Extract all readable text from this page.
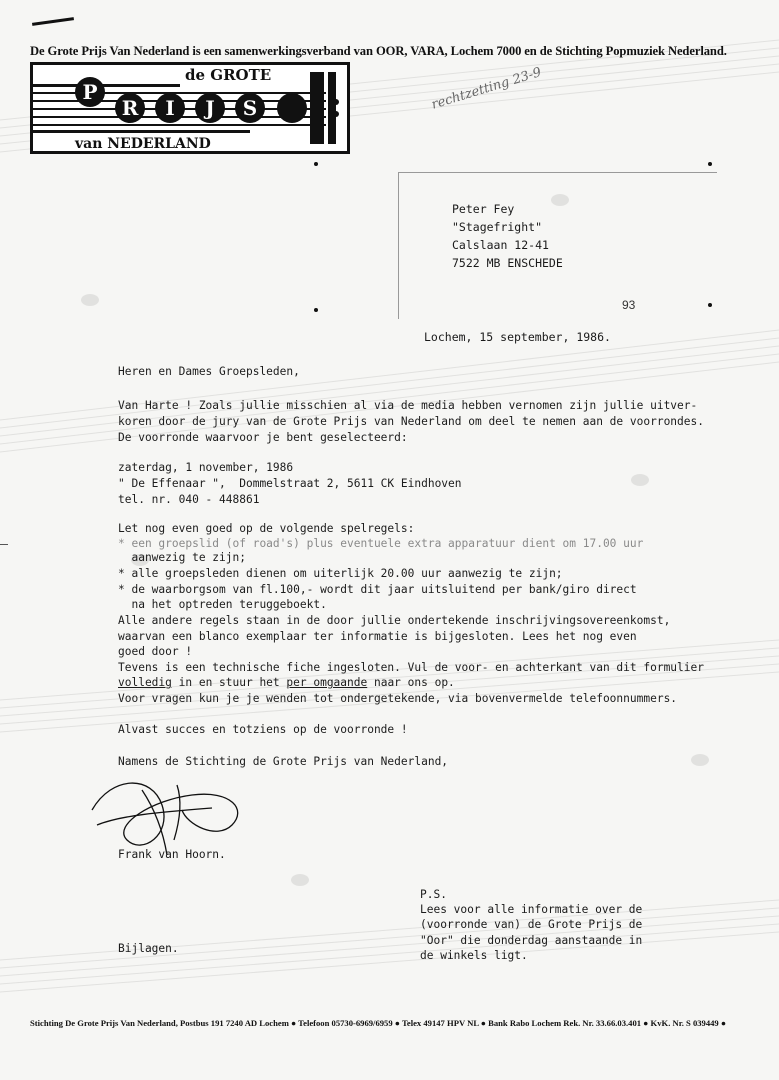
De Grote Prijs Van Nederland is een samenwerkingsverband van OOR, VARA, Lochem 7000 en de Stichting Popmuziek Nederland.
P
R I J S
de GROTE
van NEDERLAND
rechtzetting 23-9
Peter Fey
"Stagefright"
Calslaan 12-41
7522 MB ENSCHEDE
93
Lochem, 15 september, 1986.
Heren en Dames Groepsleden,
Van Harte ! Zoals jullie misschien al via de media hebben vernomen zijn jullie uitver-
koren door de jury van de Grote Prijs van Nederland om deel te nemen aan de voorrondes.
De voorronde waarvoor je bent geselecteerd:
zaterdag, 1 november, 1986
" De Effenaar ",  Dommelstraat 2, 5611 CK Eindhoven
tel. nr. 040 - 448861
Let nog even goed op de volgende spelregels:
* een groepslid (of road's) plus eventuele extra apparatuur dient om 17.00 uur
aanwezig te zijn;
* alle groepsleden dienen om uiterlijk 20.00 uur aanwezig te zijn;
* de waarborgsom van fl.100,- wordt dit jaar uitsluitend per bank/giro direct
na het optreden teruggeboekt.
Alle andere regels staan in de door jullie ondertekende inschrijvingsovereenkomst,
waarvan een blanco exemplaar ter informatie is bijgesloten. Lees het nog even
goed door !
Tevens is een technische fiche ingesloten. Vul de voor- en achterkant van dit formulier
volledig in en stuur het per omgaande naar ons op.
Voor vragen kun je je wenden tot ondergetekende, via bovenvermelde telefoonnummers.
Alvast succes en totziens op de voorronde !
Namens de Stichting de Grote Prijs van Nederland,
Frank van Hoorn.
P.S.
Lees voor alle informatie over de
(voorronde van) de Grote Prijs de
"Oor" die donderdag aanstaande in
de winkels ligt.
Bijlagen.
Stichting De Grote Prijs Van Nederland, Postbus 191 7240 AD Lochem ● Telefoon 05730-6969/6959 ● Telex 49147 HPV NL ● Bank Rabo Lochem Rek. Nr. 33.66.03.401 ● KvK. Nr. S 039449 ●
